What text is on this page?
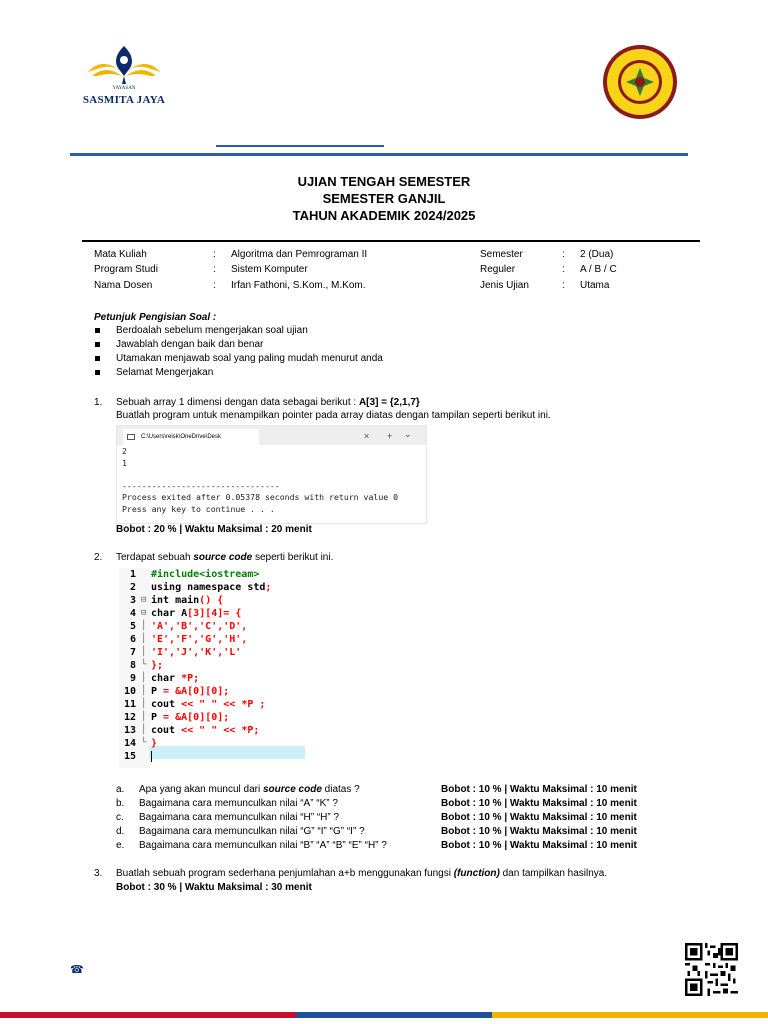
YAYASAN
SASMITA JAYA
UJIAN TENGAH SEMESTER
SEMESTER GANJIL
TAHUN AKADEMIK 2024/2025
Mata Kuliah	: Algoritma dan Pemrograman II	Semester	: 2 (Dua)
Program Studi	: Sistem Komputer	Reguler	: A / B / C
Nama Dosen	: Irfan Fathoni, S.Kom., M.Kom.	Jenis Ujian	: Utama
Petunjuk Pengisian Soal :
Berdoalah sebelum mengerjakan soal ujian
Jawablah dengan baik dan benar
Utamakan menjawab soal yang paling mudah menurut anda
Selamat Mengerjakan
1. Sebuah array 1 dimensi dengan data sebagai berikut : A[3] = {2,1,7}
Buatlah program untuk menampilkan pointer pada array diatas dengan tampilan seperti berikut ini.
C:\Users\reisk\OneDrive\Desk	× + ⌄
2
1

--------------------------------
Process exited after 0.05378 seconds with return value 0
Press any key to continue . . .
Bobot : 20 % | Waktu Maksimal : 20 menit
2. Terdapat sebuah source code seperti berikut ini.
1 #include<iostream>
2 using namespace std;
3 ⊟ int main() {
4 ⊟ char A[3][4]= {
5 │ 'A','B','C','D',
6 │ 'E','F','G','H',
7 │ 'I','J','K','L'
8 └ };
9 │ char *P;
10 │ P = &A[0][0];
11 │ cout << " " << *P ;
12 │ P = &A[0][0];
13 │ cout << " " << *P;
14 └ }
15
a.	Apa yang akan muncul dari source code diatas ?	Bobot : 10 % | Waktu Maksimal : 10 menit
b.	Bagaimana cara memunculkan nilai “A” “K” ?	Bobot : 10 % | Waktu Maksimal : 10 menit
c.	Bagaimana cara memunculkan nilai “H” “H” ?	Bobot : 10 % | Waktu Maksimal : 10 menit
d.	Bagaimana cara memunculkan nilai “G” “I” “G” “I” ?	Bobot : 10 % | Waktu Maksimal : 10 menit
e.	Bagaimana cara memunculkan nilai “B” “A” “B” “E” “H” ?	Bobot : 10 % | Waktu Maksimal : 10 menit
3. Buatlah sebuah program sederhana penjumlahan a+b menggunakan fungsi (function) dan tampilkan hasilnya.
Bobot : 30 % | Waktu Maksimal : 30 menit
☎
